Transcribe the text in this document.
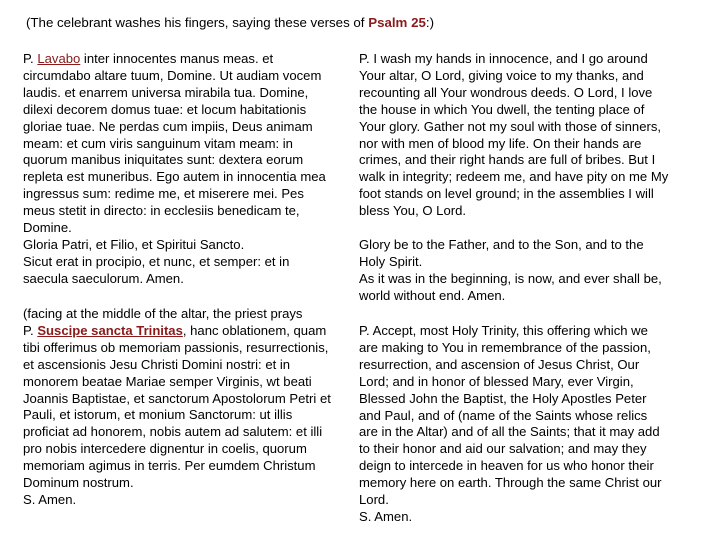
(The celebrant washes his fingers, saying these verses of Psalm 25:)

P. Lavabo inter innocentes manus meas. et
circumdabo altare tuum, Domine. Ut audiam vocem
laudis. et enarrem universa mirabila tua. Domine,
dilexi decorem domus tuae: et locum habitationis
gloriae tuae. Ne perdas cum impiis, Deus animam
meam: et cum viris sanguinum vitam meam: in
quorum manibus iniquitates sunt: dextera eorum
repleta est muneribus. Ego autem in innocentia mea
ingressus sum: redime me, et miserere mei. Pes
meus stetit in directo: in ecclesiis benedicam te,
Domine.

P. I wash my hands in innocence, and I go around
Your altar, O Lord, giving voice to my thanks, and
recounting all Your wondrous deeds. O Lord, I love
the house in which You dwell, the tenting place of
Your glory. Gather not my soul with those of sinners,
nor with men of blood my life. On their hands are
crimes, and their right hands are full of bribes. But I
walk in integrity; redeem me, and have pity on me My
foot stands on level ground; in the assemblies I will
bless You, O Lord.

Gloria Patri, et Filio, et Spiritui Sancto.
Sicut erat in procipio, et nunc, et semper: et in
saecula saeculorum. Amen.

Glory be to the Father, and to the Son, and to the
Holy Spirit.
As it was in the beginning, is now, and ever shall be,
world without end. Amen.

(facing at the middle of the altar, the priest prays

P. Suscipe sancta Trinitas, hanc oblationem, quam
tibi offerimus ob memoriam passionis, resurrectionis,
et ascensionis Jesu Christi Domini nostri: et in
monorem beatae Mariae semper Virginis, wt beati
Joannis Baptistae, et sanctorum Apostolorum Petri et
Pauli, et istorum, et monium Sanctorum: ut illis
proficiat ad honorem, nobis autem ad salutem: et illi
pro nobis intercedere dignentur in coelis, quorum
memoriam agimus in terris. Per eumdem Christum
Dominum nostrum.
S. Amen.

P. Accept, most Holy Trinity, this offering which we
are making to You in remembrance of the passion,
resurrection, and ascension of Jesus Christ, Our
Lord; and in honor of blessed Mary, ever Virgin,
Blessed John the Baptist, the Holy Apostles Peter
and Paul, and of (name of the Saints whose relics
are in the Altar) and of all the Saints; that it may add
to their honor and aid our salvation; and may they
deign to intercede in heaven for us who honor their
memory here on earth. Through the same Christ our
Lord.
S. Amen.
